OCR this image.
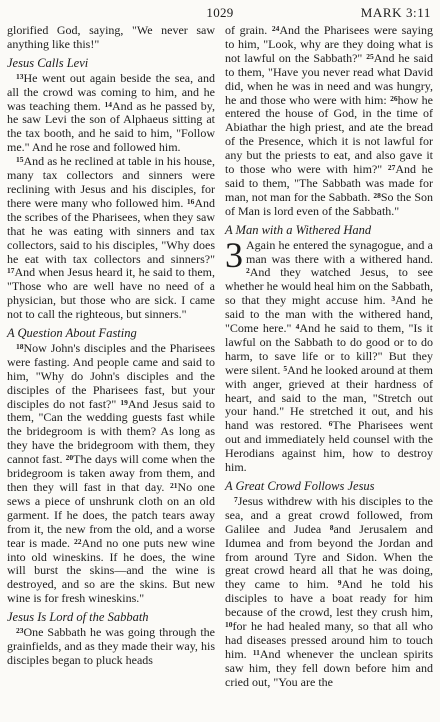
1029	MARK 3:11

glorified God, saying, "We never saw anything like this!"

Jesus Calls Levi

$^{13}$He went out again beside the sea, and all the crowd was coming to him, and he was teaching them. $^{14}$And as he passed by, he saw Levi the son of Alphaeus sitting at the tax booth, and he said to him, "Follow me." And he rose and followed him.

$^{15}$And as he reclined at table in his house, many tax collectors and sinners were reclining with Jesus and his disciples, for there were many who followed him. $^{16}$And the scribes of the Pharisees, when they saw that he was eating with sinners and tax collectors, said to his disciples, "Why does he eat with tax collectors and sinners?" $^{17}$And when Jesus heard it, he said to them, "Those who are well have no need of a physician, but those who are sick. I came not to call the righteous, but sinners."

A Question About Fasting

$^{18}$Now John's disciples and the Pharisees were fasting. And people came and said to him, "Why do John's disciples and the disciples of the Pharisees fast, but your disciples do not fast?" $^{19}$And Jesus said to them, "Can the wedding guests fast while the bridegroom is with them? As long as they have the bridegroom with them, they cannot fast. $^{20}$The days will come when the bridegroom is taken away from them, and then they will fast in that day. $^{21}$No one sews a piece of unshrunk cloth on an old garment. If he does, the patch tears away from it, the new from the old, and a worse tear is made. $^{22}$And no one puts new wine into old wineskins. If he does, the wine will burst the skins—and the wine is destroyed, and so are the skins. But new wine is for fresh wineskins."

Jesus Is Lord of the Sabbath

$^{23}$One Sabbath he was going through the grainfields, and as they made their way, his disciples began to pluck heads

of grain. $^{24}$And the Pharisees were saying to him, "Look, why are they doing what is not lawful on the Sabbath?" $^{25}$And he said to them, "Have you never read what David did, when he was in need and was hungry, he and those who were with him: $^{26}$how he entered the house of God, in the time of Abiathar the high priest, and ate the bread of the Presence, which it is not lawful for any but the priests to eat, and also gave it to those who were with him?" $^{27}$And he said to them, "The Sabbath was made for man, not man for the Sabbath. $^{28}$So the Son of Man is lord even of the Sabbath."

A Man with a Withered Hand

3 Again he entered the synagogue, and a man was there with a withered hand. $^2$And they watched Jesus, to see whether he would heal him on the Sabbath, so that they might accuse him. $^3$And he said to the man with the withered hand, "Come here." $^4$And he said to them, "Is it lawful on the Sabbath to do good or to do harm, to save life or to kill?" But they were silent. $^5$And he looked around at them with anger, grieved at their hardness of heart, and said to the man, "Stretch out your hand." He stretched it out, and his hand was restored. $^6$The Pharisees went out and immediately held counsel with the Herodians against him, how to destroy him.

A Great Crowd Follows Jesus

$^7$Jesus withdrew with his disciples to the sea, and a great crowd followed, from Galilee and Judea $^8$and Jerusalem and Idumea and from beyond the Jordan and from around Tyre and Sidon. When the great crowd heard all that he was doing, they came to him. $^9$And he told his disciples to have a boat ready for him because of the crowd, lest they crush him, $^{10}$for he had healed many, so that all who had diseases pressed around him to touch him. $^{11}$And whenever the unclean spirits saw him, they fell down before him and cried out, "You are the
